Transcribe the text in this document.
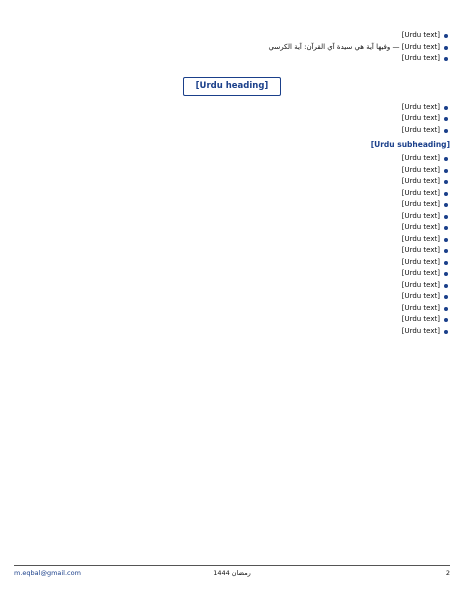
[Urdu text]
[Urdu text] — وفيها آية هي سيدة آي القرآن: آية الكرسي
[Urdu text]
[Urdu heading]
[Urdu text]
[Urdu text]
[Urdu text]
[Urdu subheading]
[Urdu text]
[Urdu text]
[Urdu text]
[Urdu text]
[Urdu text]
[Urdu text]
[Urdu text]
[Urdu text]
[Urdu text]
[Urdu text]
[Urdu text]
[Urdu text]
[Urdu text]
[Urdu text]
[Urdu text]
[Urdu text]
m.eqbal@gmail.com	رمضان 1444	2
